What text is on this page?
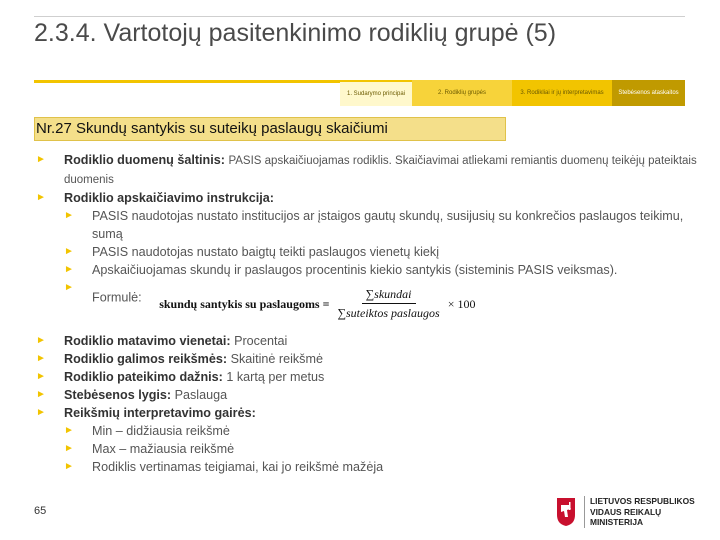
2.3.4. Vartotojų pasitenkinimo rodiklių grupė (5)
1. Sudarymo principai	2. Rodiklių grupės	3. Rodikliai ir jų interpretavimas Stebėsenos ataskaitos
Nr.27 Skundų santykis su suteikų paslaugų skaičiumi
► Rodiklio duomenų šaltinis: PASIS apskaičiuojamas rodiklis. Skaičiavimai atliekami remiantis duomenų teikėjų pateiktais duomenis
► Rodiklio apskaičiavimo instrukcija:
► PASIS naudotojas nustato institucijos ar įstaigos gautų skundų, susijusių su konkrečios paslaugos teikimu, sumą
► PASIS naudotojas nustato baigtų teikti paslaugos vienetų kiekį
► Apskaičiuojamas skundų ir paslaugos procentinis kiekio santykis (sisteminis PASIS veiksmas).
►
Formulė: skundų santykis su paslaugoms = $\frac{\text{∑skundai}}{\text{∑suteiktos paslaugos}} \times 100$
► Rodiklio matavimo vienetai: Procentai
► Rodiklio galimos reikšmės: Skaitinė reikšmė
► Rodiklio pateikimo dažnis: 1 kartą per metus
► Stebėsenos lygis: Paslauga
► Reikšmių interpretavimo gairės:
► Min – didžiausia reikšmė
► Max – mažiausia reikšmė
► Rodiklis vertinamas teigiamai, kai jo reikšmė mažėja
65
LIETUVOS RESPUBLIKOS
VIDAUS REIKALŲ
MINISTERIJA
